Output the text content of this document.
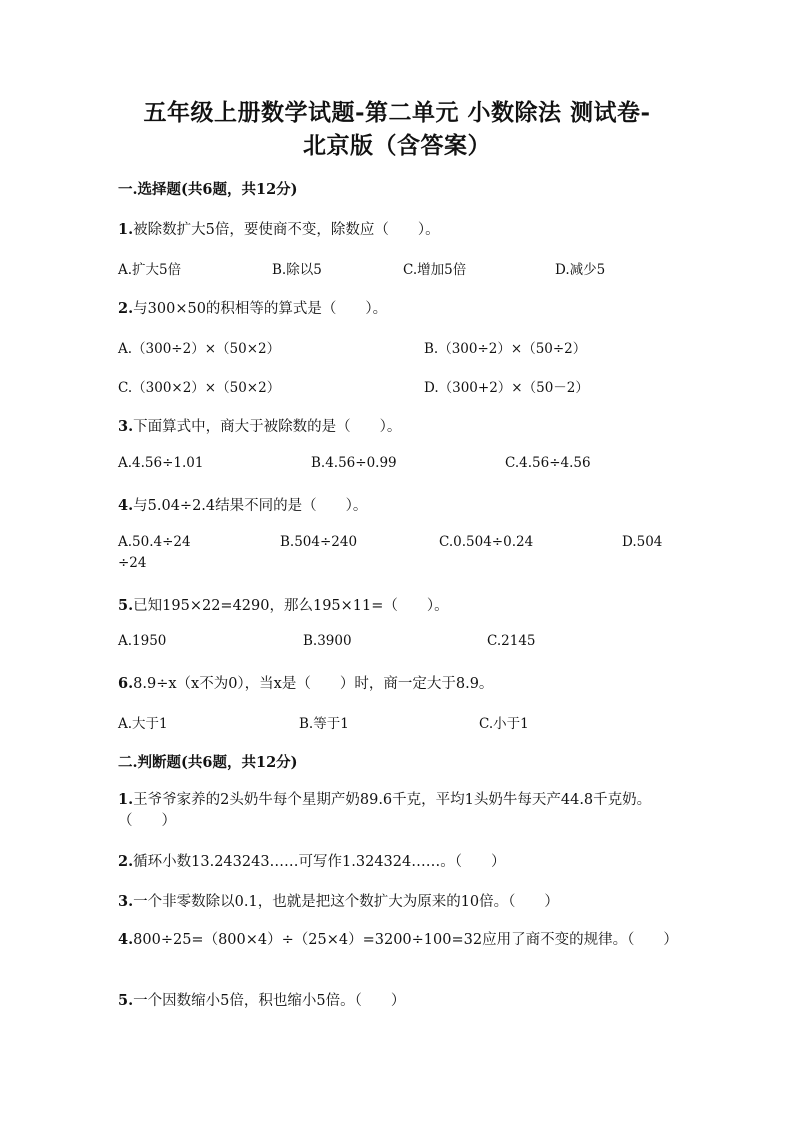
五年级上册数学试题-第二单元 小数除法 测试卷-
北京版（含答案）
一.选择题(共6题，共12分)
1.被除数扩大5倍，要使商不变，除数应（　　）。
A.扩大5倍	B.除以5	C.增加5倍	D.减少5
2.与300×50的积相等的算式是（　　）。
A.（300÷2）×（50×2）	B.（300÷2）×（50÷2）
C.（300×2）×（50×2）	D.（300+2）×（50－2）
3.下面算式中，商大于被除数的是（　　）。
A.4.56÷1.01	B.4.56÷0.99	C.4.56÷4.56
4.与5.04÷2.4结果不同的是（　　）。
A.50.4÷24	B.504÷240	C.0.504÷0.24	D.504
÷24
5.已知195×22=4290，那么195×11=（　　）。
A.1950	B.3900	C.2145
6.8.9÷x（x不为0），当x是（　　）时，商一定大于8.9。
A.大于1	B.等于1	C.小于1
二.判断题(共6题，共12分)
1.王爷爷家养的2头奶牛每个星期产奶89.6千克，平均1头奶牛每天产44.8千克奶。（　　）
2.循环小数13.243243……可写作1.324324……。（　　）
3.一个非零数除以0.1，也就是把这个数扩大为原来的10倍。（　　）
4.800÷25=（800×4）÷（25×4）=3200÷100=32应用了商不变的规律。（　　）
5.一个因数缩小5倍，积也缩小5倍。（　　）
